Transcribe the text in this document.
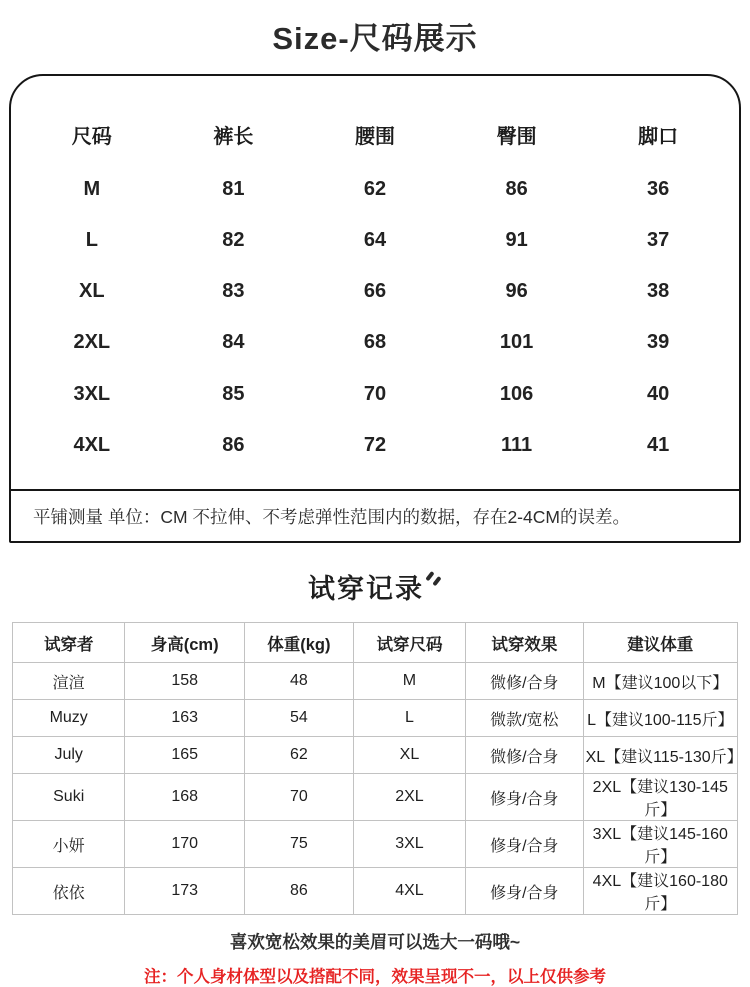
Size-尺码展示
尺码	裤长	腰围	臀围	脚口
M	81	62	86	36
L	82	64	91	37
XL	83	66	96	38
2XL	84	68	101	39
3XL	85	70	106	40
4XL	86	72	111	41
平铺测量 单位：CM 不拉伸、不考虑弹性范围内的数据，存在2-4CM的误差。
试穿记录
试穿者	身高(cm)	体重(kg)	试穿尺码	试穿效果	建议体重
渲渲	158	48	M	微修/合身	M【建议100以下】
Muzy	163	54	L	微款/宽松	L【建议100-115斤】
July	165	62	XL	微修/合身	XL【建议115-130斤】
Suki	168	70	2XL	修身/合身	2XL【建议130-145斤】
小妍	170	75	3XL	修身/合身	3XL【建议145-160斤】
依依	173	86	4XL	修身/合身	4XL【建议160-180斤】
喜欢宽松效果的美眉可以选大一码哦~
注：个人身材体型以及搭配不同，效果呈现不一，以上仅供参考
